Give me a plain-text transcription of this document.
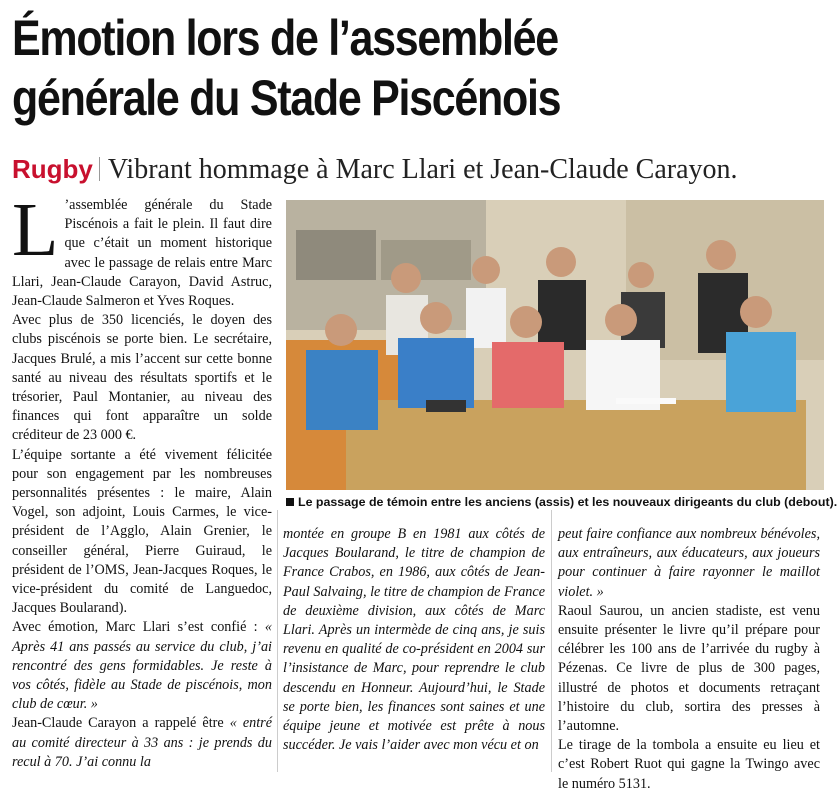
Émotion lors de l’assemblée
générale du Stade Piscénois
Rugby Vibrant hommage à Marc Llari et Jean-Claude Carayon.

L ’assemblée générale du Stade Piscénois a fait le plein. Il faut dire que c’était un moment historique avec le passage de relais entre Marc Llari, Jean-Claude Carayon, David Astruc, Jean-Claude Salmeron et Yves Roques.

Avec plus de 350 licenciés, le doyen des clubs piscénois se porte bien. Le secrétaire, Jacques Brulé, a mis l’accent sur cette bonne santé au niveau des résultats sportifs et le trésorier, Paul Montanier, au niveau des finances qui font apparaître un solde créditeur de 23 000 €.

L’équipe sortante a été vivement félicitée pour son engagement par les nombreuses personnalités présentes : le maire, Alain Vogel, son adjoint, Louis Carmes, le vice-président de l’Agglo, Alain Grenier, le conseiller général, Pierre Guiraud, le président de l’OMS, Jean-Jacques Roques, le vice-président du comité de Languedoc, Jacques Boularand).

Avec émotion, Marc Llari s’est confié : « Après 41 ans passés au service du club, j’ai rencontré des gens formidables. Je reste à vos côtés, fidèle au Stade de piscénois, mon club de cœur. »

Jean-Claude Carayon a rappelé être « entré au comité directeur à 33 ans : je prends du recul à 70. J’ai connu la

Le passage de témoin entre les anciens (assis) et les nouveaux dirigeants du club (debout).

montée en groupe B en 1981 aux côtés de Jacques Boularand, le titre de champion de France Crabos, en 1986, aux côtés de Jean-Paul Salvaing, le titre de champion de France de deuxième division, aux côtés de Marc Llari. Après un intermède de cinq ans, je suis revenu en qualité de co-président en 2004 sur l’insistance de Marc, pour reprendre le club descendu en Honneur. Aujourd’hui, le Stade se porte bien, les finances sont saines et une équipe jeune et motivée est prête à nous succéder. Je vais l’aider avec mon vécu et on

peut faire confiance aux nombreux bénévoles, aux entraîneurs, aux éducateurs, aux joueurs pour continuer à faire rayonner le maillot violet. »

Raoul Saurou, un ancien stadiste, est venu ensuite présenter le livre qu’il prépare pour célébrer les 100 ans de l’arrivée du rugby à Pézenas. Ce livre de plus de 300 pages, illustré de photos et documents retraçant l’histoire du club, sortira des presses à l’automne.

Le tirage de la tombola a ensuite eu lieu et c’est Robert Ruot qui gagne la Twingo avec le numéro 5131.
